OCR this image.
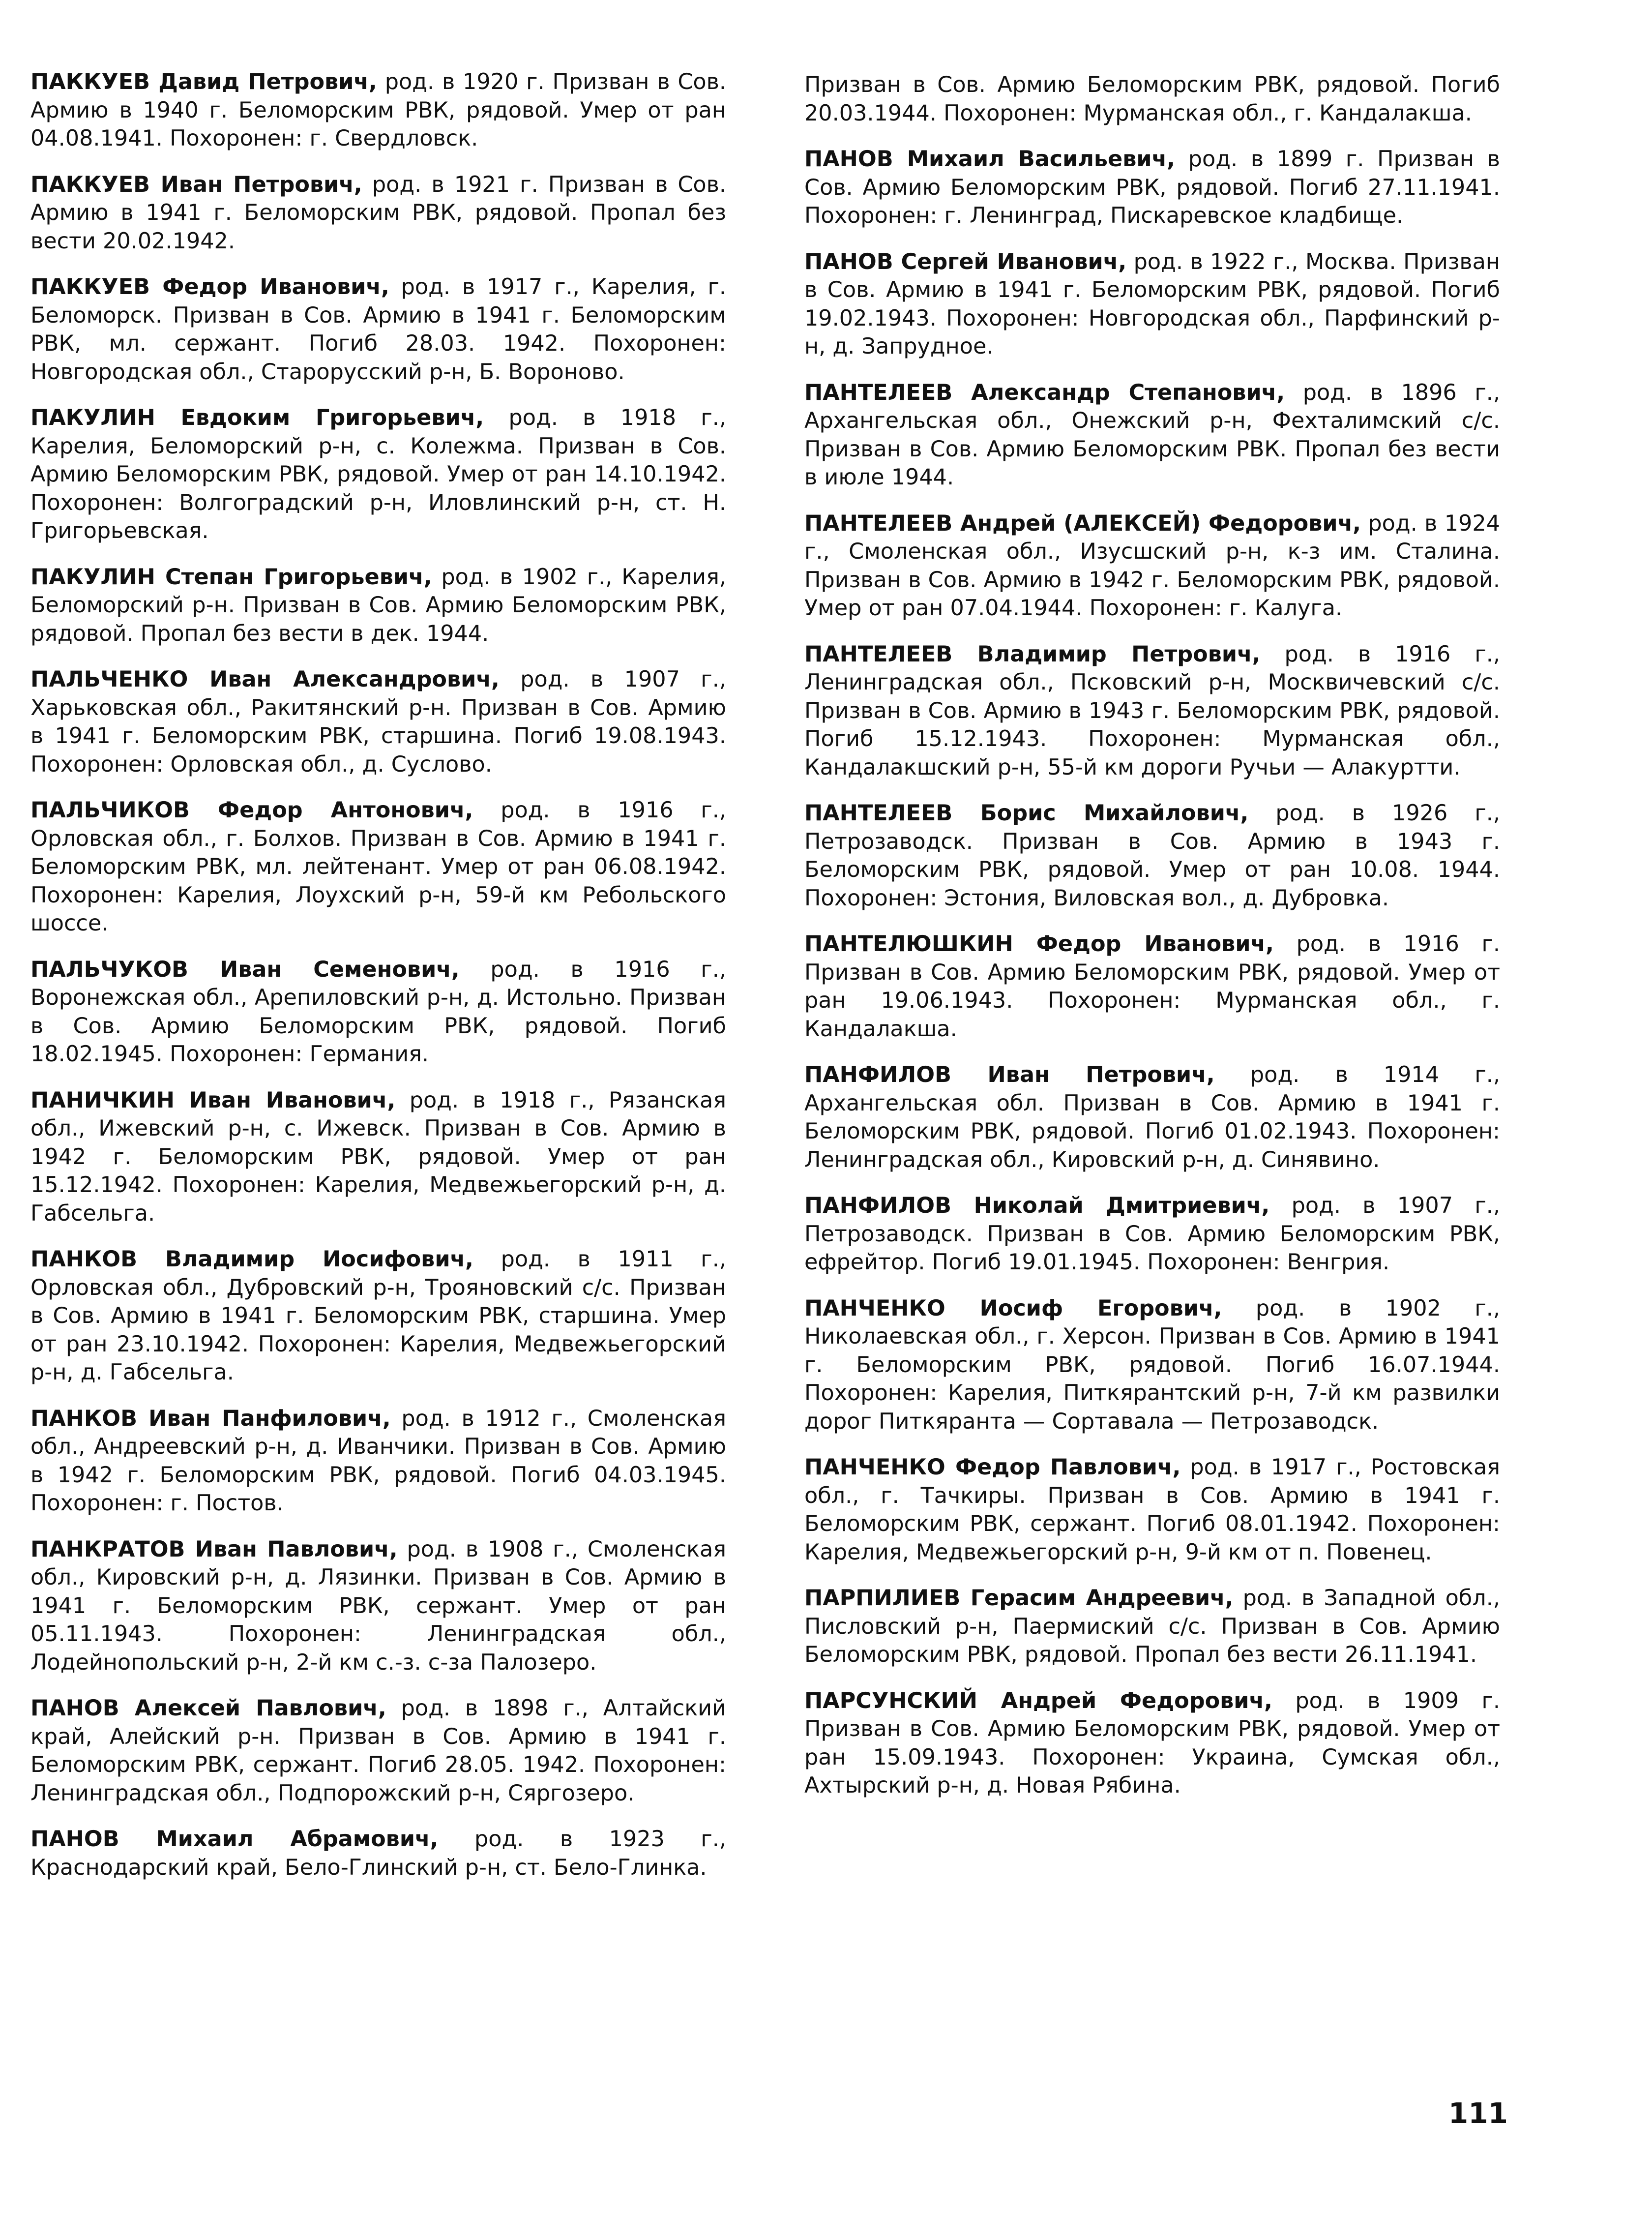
ПАККУЕВ Давид Петрович, род. в 1920 г. Призван в Сов. Армию в 1940 г. Беломорским РВК, рядовой. Умер от ран 04.08.1941. Похоронен: г. Свердловск.

ПАККУЕВ Иван Петрович, род. в 1921 г. Призван в Сов. Армию в 1941 г. Беломорским РВК, рядовой. Пропал без вести 20.02.1942.

ПАККУЕВ Федор Иванович, род. в 1917 г., Карелия, г. Беломорск. Призван в Сов. Армию в 1941 г. Беломорским РВК, мл. сержант. Погиб 28.03. 1942. Похоронен: Новгородская обл., Старорусский р-н, Б. Вороново.

ПАКУЛИН Евдоким Григорьевич, род. в 1918 г., Карелия, Беломорский р-н, с. Колежма. Призван в Сов. Армию Беломорским РВК, рядовой. Умер от ран 14.10.1942. Похоронен: Волгоградский р-н, Иловлинский р-н, ст. Н. Григорьевская.

ПАКУЛИН Степан Григорьевич, род. в 1902 г., Карелия, Беломорский р-н. Призван в Сов. Армию Беломорским РВК, рядовой. Пропал без вести в дек. 1944.

ПАЛЬЧЕНКО Иван Александрович, род. в 1907 г., Харьковская обл., Ракитянский р-н. Призван в Сов. Армию в 1941 г. Беломорским РВК, старшина. Погиб 19.08.1943. Похоронен: Орловская обл., д. Суслово.

ПАЛЬЧИКОВ Федор Антонович, род. в 1916 г., Орловская обл., г. Болхов. Призван в Сов. Армию в 1941 г. Беломорским РВК, мл. лейтенант. Умер от ран 06.08.1942. Похоронен: Карелия, Лоухский р-н, 59-й км Ребольского шоссе.

ПАЛЬЧУКОВ Иван Семенович, род. в 1916 г., Воронежская обл., Арепиловский р-н, д. Истольно. Призван в Сов. Армию Беломорским РВК, рядовой. Погиб 18.02.1945. Похоронен: Германия.

ПАНИЧКИН Иван Иванович, род. в 1918 г., Рязанская обл., Ижевский р-н, с. Ижевск. Призван в Сов. Армию в 1942 г. Беломорским РВК, рядовой. Умер от ран 15.12.1942. Похоронен: Карелия, Медвежьегорский р-н, д. Габсельга.

ПАНКОВ Владимир Иосифович, род. в 1911 г., Орловская обл., Дубровский р-н, Трояновский с/с. Призван в Сов. Армию в 1941 г. Беломорским РВК, старшина. Умер от ран 23.10.1942. Похоронен: Карелия, Медвежьегорский р-н, д. Габсельга.

ПАНКОВ Иван Панфилович, род. в 1912 г., Смоленская обл., Андреевский р-н, д. Иванчики. Призван в Сов. Армию в 1942 г. Беломорским РВК, рядовой. Погиб 04.03.1945. Похоронен: г. Постов.

ПАНКРАТОВ Иван Павлович, род. в 1908 г., Смоленская обл., Кировский р-н, д. Лязинки. Призван в Сов. Армию в 1941 г. Беломорским РВК, сержант. Умер от ран 05.11.1943. Похоронен: Ленинградская обл., Лодейнопольский р-н, 2-й км с.-з. с-за Палозеро.

ПАНОВ Алексей Павлович, род. в 1898 г., Алтайский край, Алейский р-н. Призван в Сов. Армию в 1941 г. Беломорским РВК, сержант. Погиб 28.05. 1942. Похоронен: Ленинградская обл., Подпорожский р-н, Сяргозеро.

ПАНОВ Михаил Абрамович, род. в 1923 г., Краснодарский край, Бело-Глинский р-н, ст. Бело-Глинка.

Призван в Сов. Армию Беломорским РВК, рядовой. Погиб 20.03.1944. Похоронен: Мурманская обл., г. Кандалакша.

ПАНОВ Михаил Васильевич, род. в 1899 г. Призван в Сов. Армию Беломорским РВК, рядовой. Погиб 27.11.1941. Похоронен: г. Ленинград, Пискаревское кладбище.

ПАНОВ Сергей Иванович, род. в 1922 г., Москва. Призван в Сов. Армию в 1941 г. Беломорским РВК, рядовой. Погиб 19.02.1943. Похоронен: Новгородская обл., Парфинский р-н, д. Запрудное.

ПАНТЕЛЕЕВ Александр Степанович, род. в 1896 г., Архангельская обл., Онежский р-н, Фехталимский с/с. Призван в Сов. Армию Беломорским РВК. Пропал без вести в июле 1944.

ПАНТЕЛЕЕВ Андрей (АЛЕКСЕЙ) Федорович, род. в 1924 г., Смоленская обл., Изусшский р-н, к-з им. Сталина. Призван в Сов. Армию в 1942 г. Беломорским РВК, рядовой. Умер от ран 07.04.1944. Похоронен: г. Калуга.

ПАНТЕЛЕЕВ Владимир Петрович, род. в 1916 г., Ленинградская обл., Псковский р-н, Москвичевский с/с. Призван в Сов. Армию в 1943 г. Беломорским РВК, рядовой. Погиб 15.12.1943. Похоронен: Мурманская обл., Кандалакшский р-н, 55-й км дороги Ручьи — Алакуртти.

ПАНТЕЛЕЕВ Борис Михайлович, род. в 1926 г., Петрозаводск. Призван в Сов. Армию в 1943 г. Беломорским РВК, рядовой. Умер от ран 10.08. 1944. Похоронен: Эстония, Виловская вол., д. Дубровка.

ПАНТЕЛЮШКИН Федор Иванович, род. в 1916 г. Призван в Сов. Армию Беломорским РВК, рядовой. Умер от ран 19.06.1943. Похоронен: Мурманская обл., г. Кандалакша.

ПАНФИЛОВ Иван Петрович, род. в 1914 г., Архангельская обл. Призван в Сов. Армию в 1941 г. Беломорским РВК, рядовой. Погиб 01.02.1943. Похоронен: Ленинградская обл., Кировский р-н, д. Синявино.

ПАНФИЛОВ Николай Дмитриевич, род. в 1907 г., Петрозаводск. Призван в Сов. Армию Беломорским РВК, ефрейтор. Погиб 19.01.1945. Похоронен: Венгрия.

ПАНЧЕНКО Иосиф Егорович, род. в 1902 г., Николаевская обл., г. Херсон. Призван в Сов. Армию в 1941 г. Беломорским РВК, рядовой. Погиб 16.07.1944. Похоронен: Карелия, Питкярантский р-н, 7-й км развилки дорог Питкяранта — Сортавала — Петрозаводск.

ПАНЧЕНКО Федор Павлович, род. в 1917 г., Ростовская обл., г. Тачкиры. Призван в Сов. Армию в 1941 г. Беломорским РВК, сержант. Погиб 08.01.1942. Похоронен: Карелия, Медвежьегорский р-н, 9-й км от п. Повенец.

ПАРПИЛИЕВ Герасим Андреевич, род. в Западной обл., Писловский р-н, Паермиский с/с. Призван в Сов. Армию Беломорским РВК, рядовой. Пропал без вести 26.11.1941.

ПАРСУНСКИЙ Андрей Федорович, род. в 1909 г. Призван в Сов. Армию Беломорским РВК, рядовой. Умер от ран 15.09.1943. Похоронен: Украина, Сумская обл., Ахтырский р-н, д. Новая Рябина.

111
